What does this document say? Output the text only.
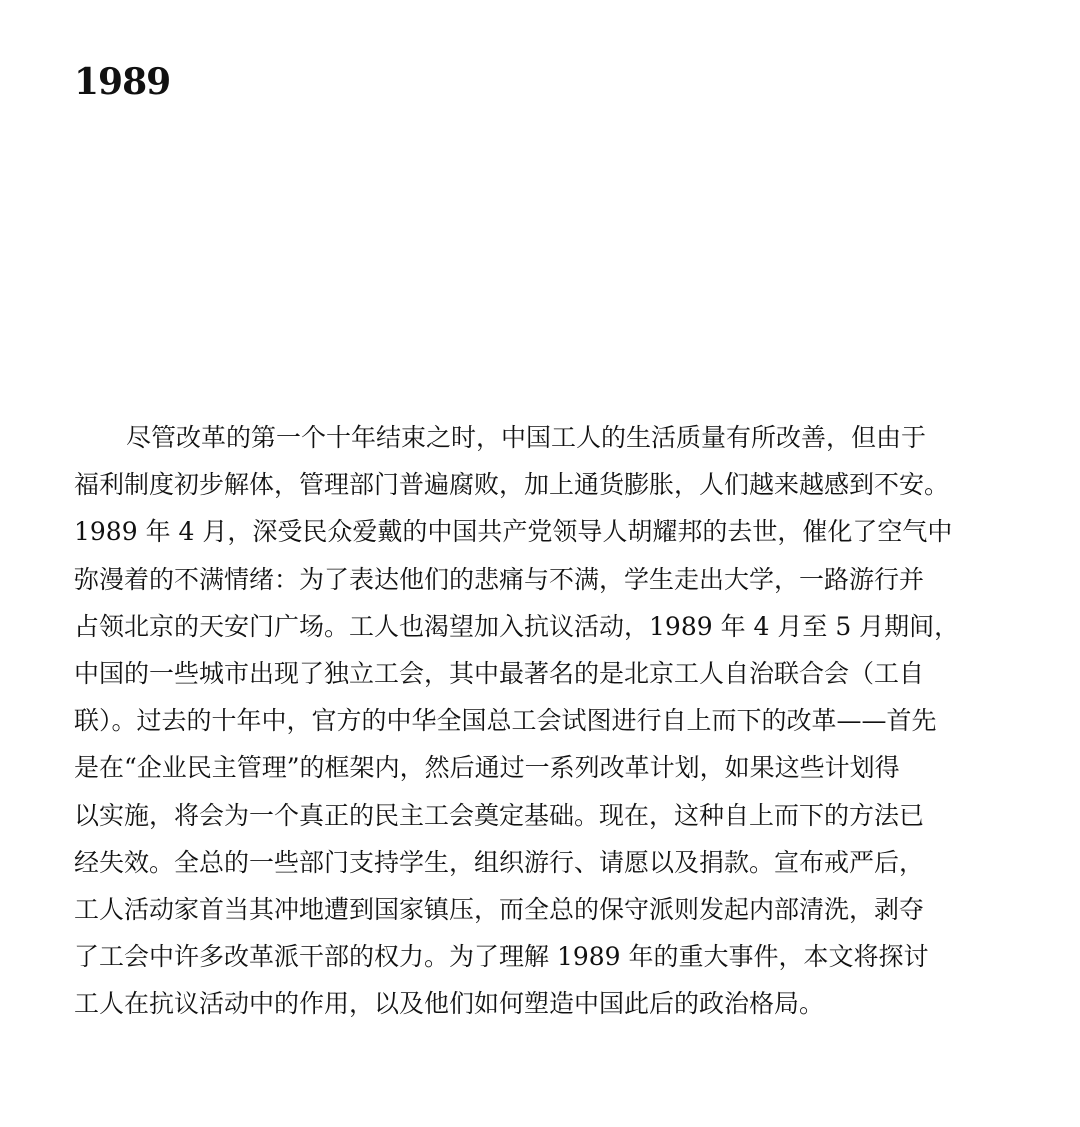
1989
尽管改革的第一个十年结束之时，中国工人的生活质量有所改善，但由于
福利制度初步解体，管理部门普遍腐败，加上通货膨胀，人们越来越感到不安。
1989 年 4 月，深受民众爱戴的中国共产党领导人胡耀邦的去世，催化了空气中
弥漫着的不满情绪：为了表达他们的悲痛与不满，学生走出大学，一路游行并
占领北京的天安门广场。工人也渴望加入抗议活动，1989 年 4 月至 5 月期间，
中国的一些城市出现了独立工会，其中最著名的是北京工人自治联合会（工自
联）。过去的十年中，官方的中华全国总工会试图进行自上而下的改革——首先
是在“企业民主管理”的框架内，然后通过一系列改革计划，如果这些计划得
以实施，将会为一个真正的民主工会奠定基础。现在，这种自上而下的方法已
经失效。全总的一些部门支持学生，组织游行、请愿以及捐款。宣布戒严后，
工人活动家首当其冲地遭到国家镇压，而全总的保守派则发起内部清洗，剥夺
了工会中许多改革派干部的权力。为了理解 1989 年的重大事件，本文将探讨
工人在抗议活动中的作用，以及他们如何塑造中国此后的政治格局。
